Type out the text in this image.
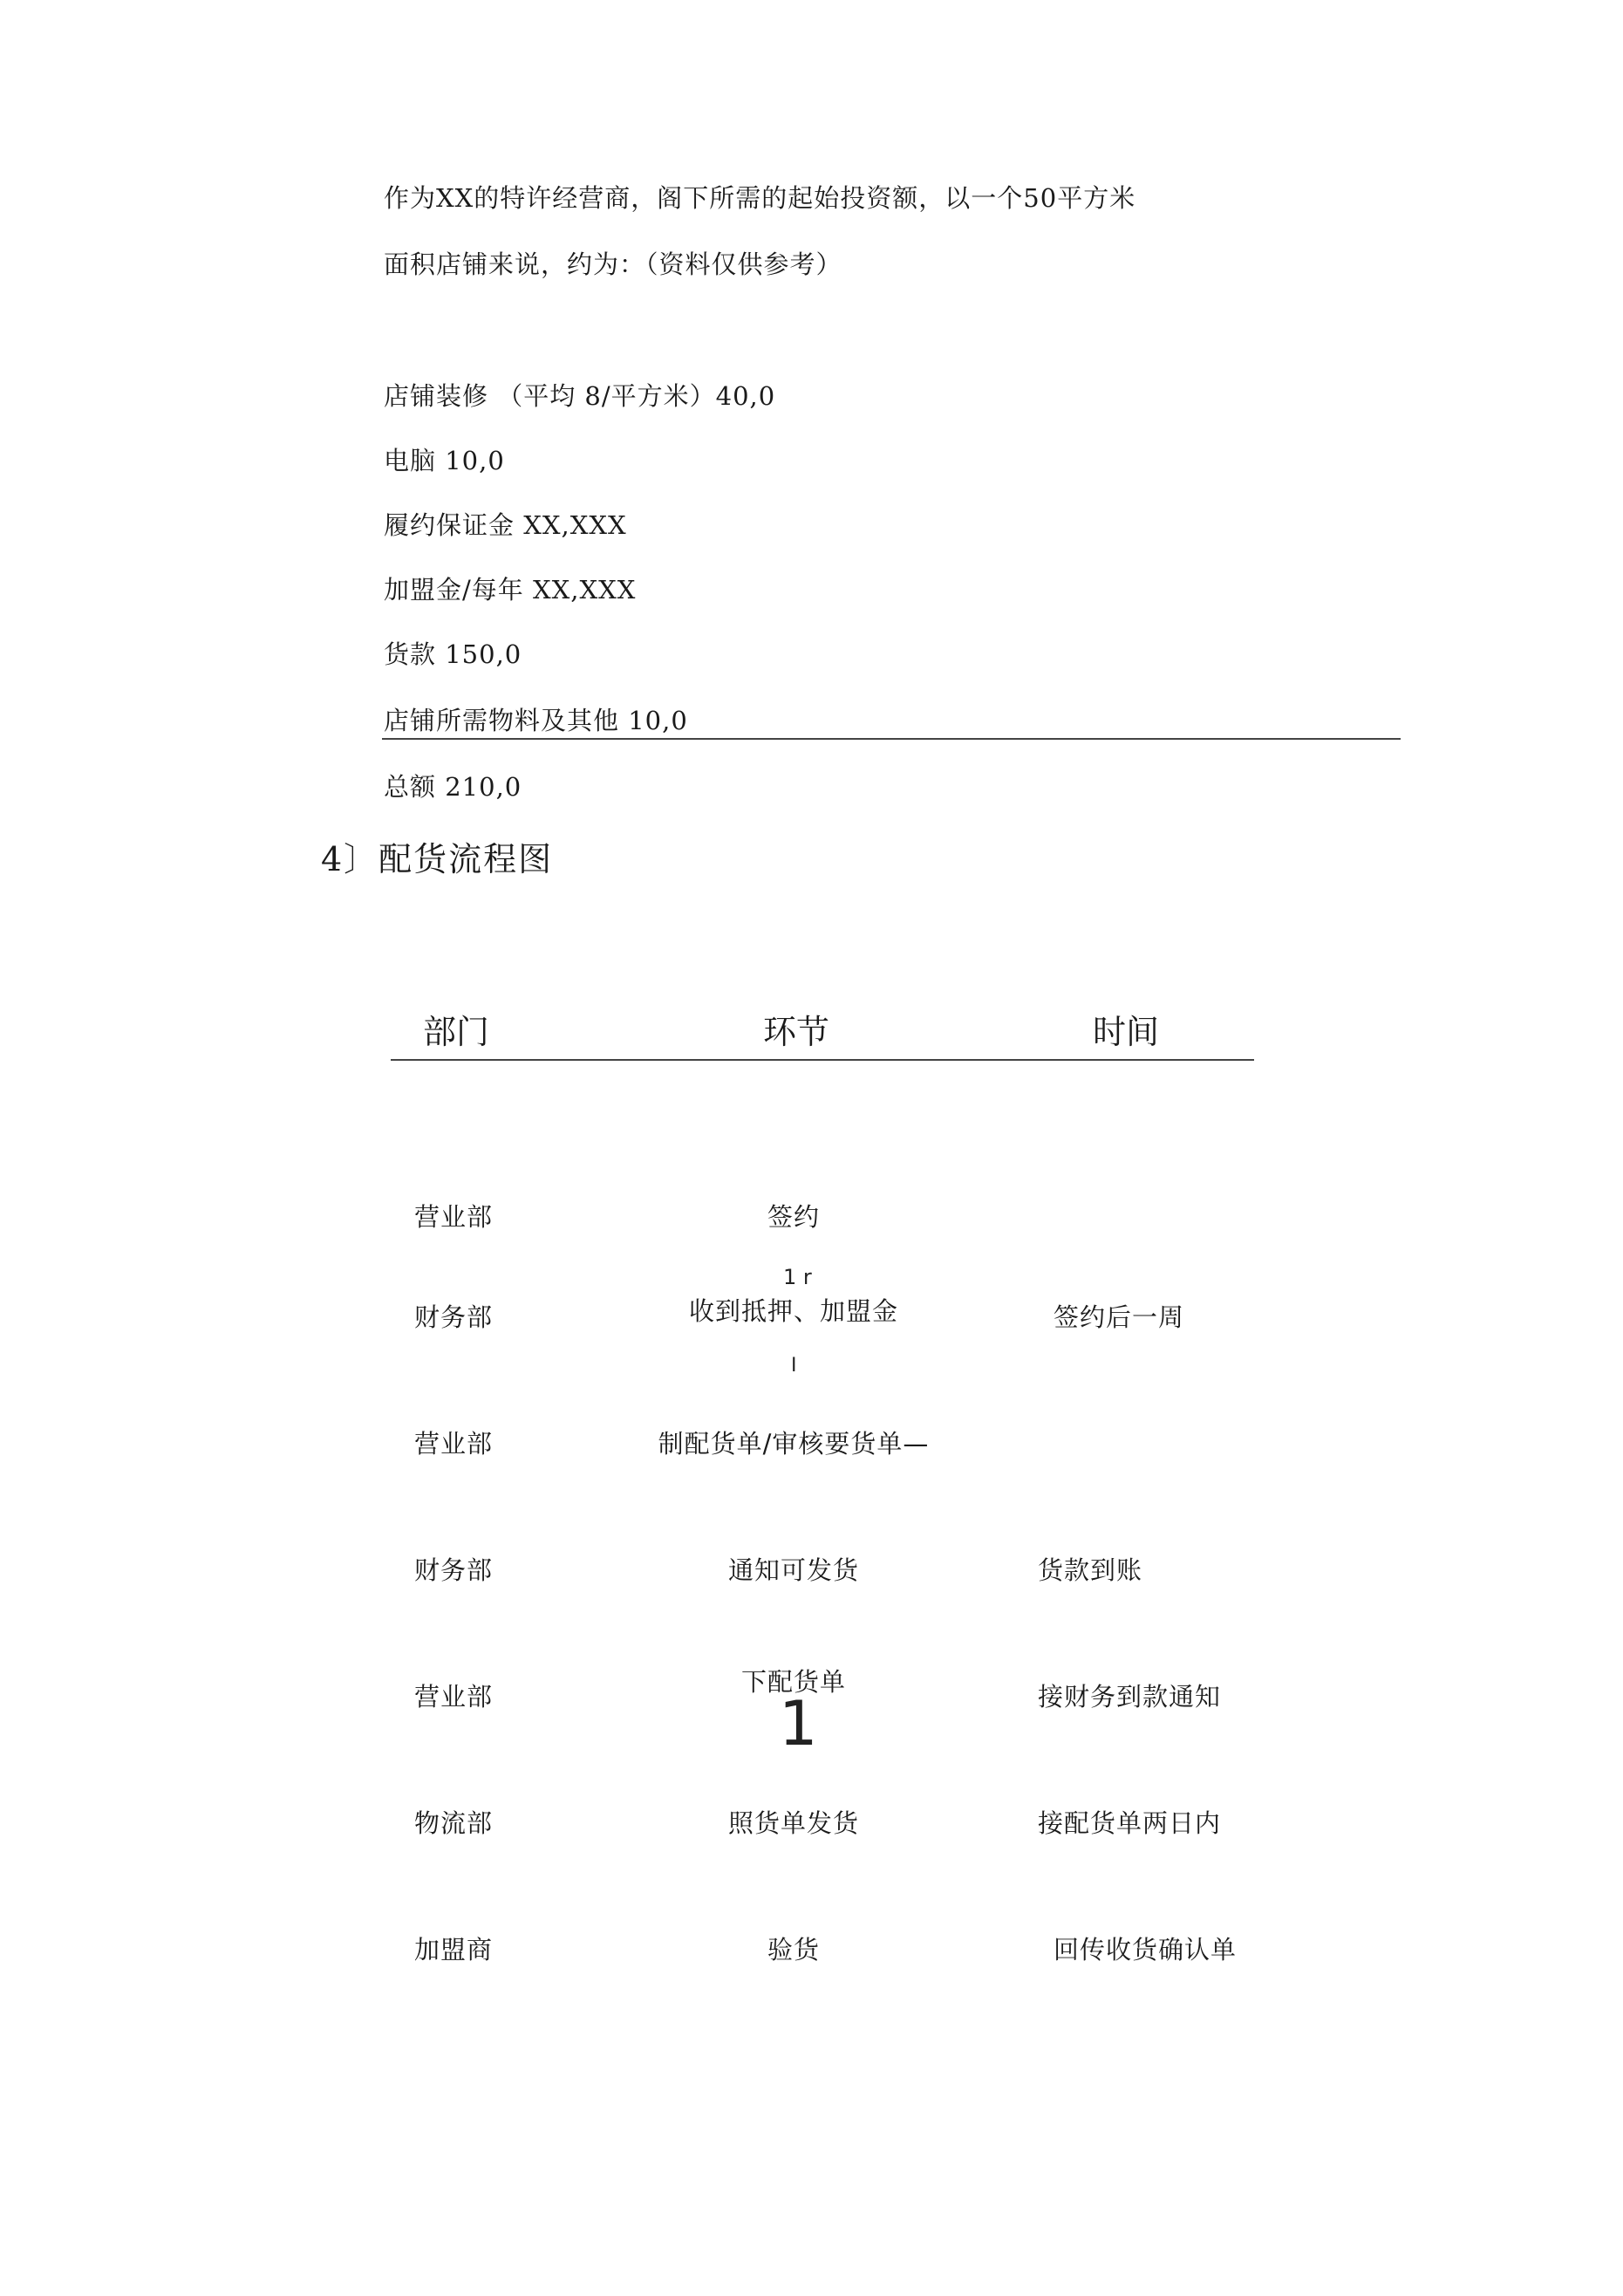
作为XX的特许经营商，阁下所需的起始投资额，以一个50平方米
面积店铺来说，约为：（资料仅供参考）
店铺装修 （平均 8/平方米）40,0
电脑 10,0
履约保证金 XX,XXX
加盟金/每年 XX,XXX
货款 150,0
店铺所需物料及其他 10,0
总额 210,0
4〕配货流程图
部门	环节	时间
营业部	签约
1 r
财务部	收到抵押、加盟金	签约后一周
I
营业部	制配货单/审核要货单—
财务部	通知可发货	货款到账
营业部	下配货单	接财务到款通知
1
物流部	照货单发货	接配货单两日内
加盟商	验货	回传收货确认单
